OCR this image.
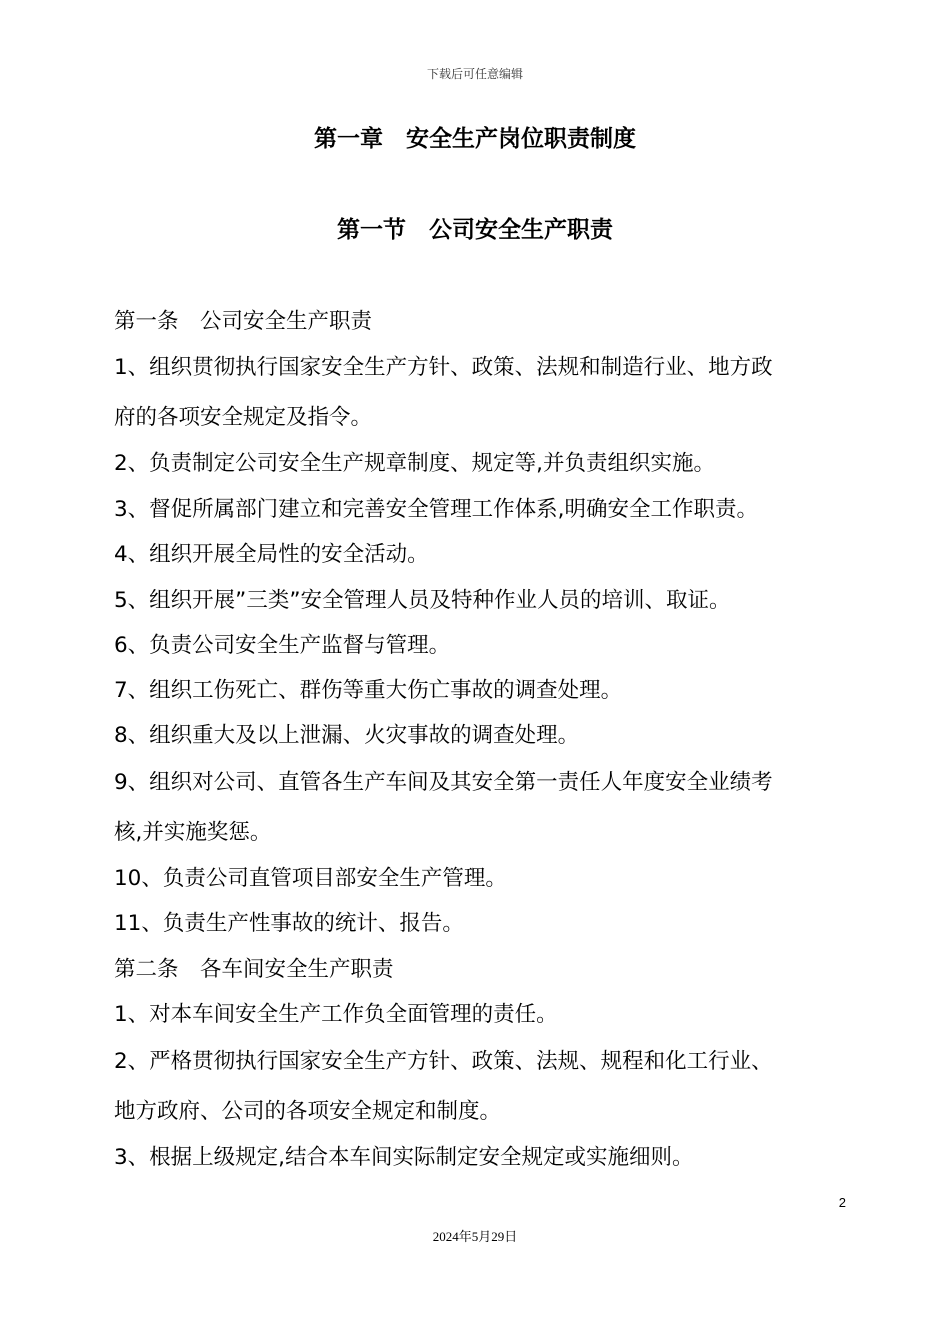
下载后可任意编辑
第一章　安全生产岗位职责制度
第一节　公司安全生产职责
第一条　公司安全生产职责
1、组织贯彻执行国家安全生产方针、政策、法规和制造行业、地方政
府的各项安全规定及指令。
2、负责制定公司安全生产规章制度、规定等,并负责组织实施。
3、督促所属部门建立和完善安全管理工作体系,明确安全工作职责。
4、组织开展全局性的安全活动。
5、组织开展”三类”安全管理人员及特种作业人员的培训、取证。
6、负责公司安全生产监督与管理。
7、组织工伤死亡、群伤等重大伤亡事故的调查处理。
8、组织重大及以上泄漏、火灾事故的调查处理。
9、组织对公司、直管各生产车间及其安全第一责任人年度安全业绩考
核,并实施奖惩。
10、负责公司直管项目部安全生产管理。
11、负责生产性事故的统计、报告。
第二条　各车间安全生产职责
1、对本车间安全生产工作负全面管理的责任。
2、严格贯彻执行国家安全生产方针、政策、法规、规程和化工行业、
地方政府、公司的各项安全规定和制度。
3、根据上级规定,结合本车间实际制定安全规定或实施细则。
2
2024年5月29日
